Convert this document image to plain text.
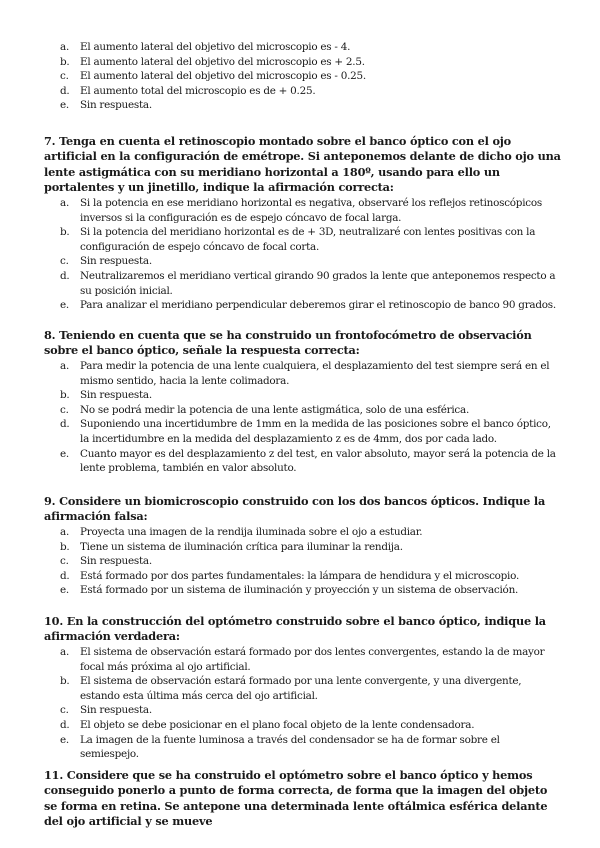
a.	El aumento lateral del objetivo del microscopio es - 4.
b.	El aumento lateral del objetivo del microscopio es + 2.5.
c.	El aumento lateral del objetivo del microscopio es - 0.25.
d.	El aumento total del microscopio es de + 0.25.
e.	Sin respuesta.

7. Tenga en cuenta el retinoscopio montado sobre el banco óptico con el ojo artificial en la configuración de emétrope. Si anteponemos delante de dicho ojo una lente astigmática con su meridiano horizontal a 180º, usando para ello un portalentes y un jinetillo, indique la afirmación correcta:

a.	Si la potencia en ese meridiano horizontal es negativa, observaré los reflejos retinoscópicos inversos si la configuración es de espejo cóncavo de focal larga.
b.	Si la potencia del meridiano horizontal es de + 3D, neutralizaré con lentes positivas con la configuración de espejo cóncavo de focal corta.
c.	Sin respuesta.
d.	Neutralizaremos el meridiano vertical girando 90 grados la lente que anteponemos respecto a su posición inicial.
e.	Para analizar el meridiano perpendicular deberemos girar el retinoscopio de banco 90 grados.

8. Teniendo en cuenta que se ha construido un frontofocómetro de observación sobre el banco óptico, señale la respuesta correcta:

a.	Para medir la potencia de una lente cualquiera, el desplazamiento del test siempre será en el mismo sentido, hacia la lente colimadora.
b.	Sin respuesta.
c.	No se podrá medir la potencia de una lente astigmática, solo de una esférica.
d.	Suponiendo una incertidumbre de 1mm en la medida de las posiciones sobre el banco óptico, la incertidumbre en la medida del desplazamiento z es de 4mm, dos por cada lado.
e.	Cuanto mayor es del desplazamiento z del test, en valor absoluto, mayor será la potencia de la lente problema, también en valor absoluto.

9. Considere un biomicroscopio construido con los dos bancos ópticos. Indique la afirmación falsa:

a.	Proyecta una imagen de la rendija iluminada sobre el ojo a estudiar.
b.	Tiene un sistema de iluminación crítica para iluminar la rendija.
c.	Sin respuesta.
d.	Está formado por dos partes fundamentales: la lámpara de hendidura y el microscopio.
e.	Está formado por un sistema de iluminación y proyección y un sistema de observación.

10. En la construcción del optómetro construido sobre el banco óptico, indique la afirmación verdadera:

a.	El sistema de observación estará formado por dos lentes convergentes, estando la de mayor focal más próxima al ojo artificial.
b.	El sistema de observación estará formado por una lente convergente, y una divergente, estando esta última más cerca del ojo artificial.
c.	Sin respuesta.
d.	El objeto se debe posicionar en el plano focal objeto de la lente condensadora.
e.	La imagen de la fuente luminosa a través del condensador se ha de formar sobre el semiespejo.

11. Considere que se ha construido el optómetro sobre el banco óptico y hemos conseguido ponerlo a punto de forma correcta, de forma que la imagen del objeto se forma en retina. Se antepone una determinada lente oftálmica esférica delante del ojo artificial y se mueve
